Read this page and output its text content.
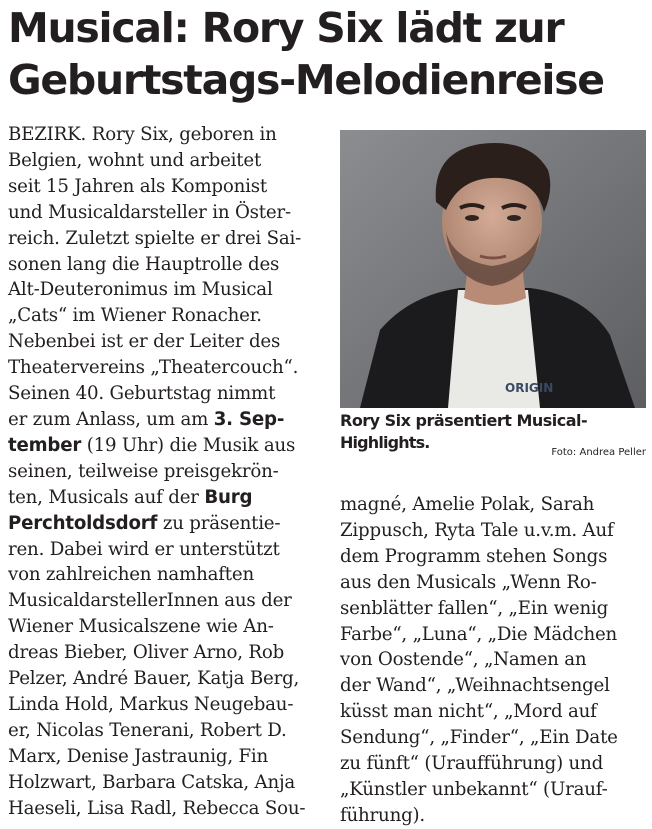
Musical: Rory Six lädt zur
Geburtstags-Melodienreise
BEZIRK. Rory Six, geboren in
Belgien, wohnt und arbeitet
seit 15 Jahren als Komponist
und Musicaldarsteller in Öster-
reich. Zuletzt spielte er drei Sai-
sonen lang die Hauptrolle des
Alt-Deuteronimus im Musical
„Cats“ im Wiener Ronacher.
Nebenbei ist er der Leiter des
Theatervereins „Theatercouch“.
Seinen 40. Geburtstag nimmt
er zum Anlass, um am 3. Sep-
tember (19 Uhr) die Musik aus
seinen, teilweise preisgekrön-
ten, Musicals auf der Burg
Perchtoldsdorf zu präsentie-
ren. Dabei wird er unterstützt
von zahlreichen namhaften
MusicaldarstellerInnen aus der
Wiener Musicalszene wie An-
dreas Bieber, Oliver Arno, Rob
Pelzer, André Bauer, Katja Berg,
Linda Hold, Markus Neugebau-
er, Nicolas Tenerani, Robert D.
Marx, Denise Jastraunig, Fin
Holzwart, Barbara Catska, Anja
Haeseli, Lisa Radl, Rebecca Sou-
ORIGIN
Rory Six präsentiert Musical-
Highlights.
Foto: Andrea Peller
magné, Amelie Polak, Sarah
Zippusch, Ryta Tale u.v.m. Auf
dem Programm stehen Songs
aus den Musicals „Wenn Ro-
senblätter fallen“, „Ein wenig
Farbe“, „Luna“, „Die Mädchen
von Oostende“, „Namen an
der Wand“, „Weihnachtsengel
küsst man nicht“, „Mord auf
Sendung“, „Finder“, „Ein Date
zu fünft“ (Uraufführung) und
„Künstler unbekannt“ (Urauf-
führung).
